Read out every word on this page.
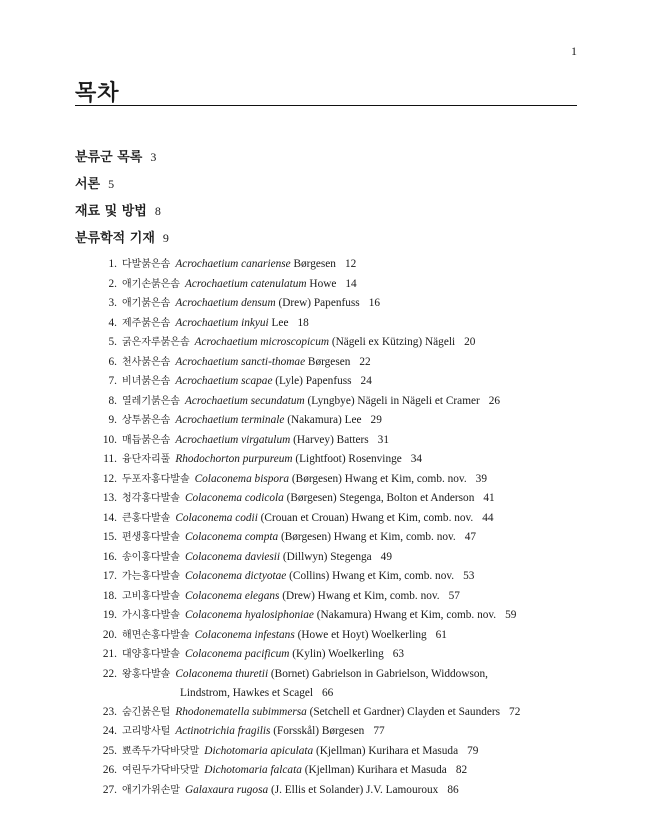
1
목차
분류군 목록 3
서론 5
재료 및 방법 8
분류학적 기재 9
1. 다발붉은솜 Acrochaetium canariense Børgesen 12
2. 애기손붉은솜 Acrochaetium catenulatum Howe 14
3. 애기붉은솜 Acrochaetium densum (Drew) Papenfuss 16
4. 제주붉은솜 Acrochaetium inkyui Lee 18
5. 굵은자루붉은솜 Acrochaetium microscopicum (Nägeli ex Kützing) Nägeli 20
6. 천사붉은솜 Acrochaetium sancti-thomae Børgesen 22
7. 비녀붉은솜 Acrochaetium scapae (Lyle) Papenfuss 24
8. 열레기붉은솜 Acrochaetium secundatum (Lyngbye) Nägeli in Nägeli et Cramer 26
9. 상투붉은솜 Acrochaetium terminale (Nakamura) Lee 29
10. 매듭붉은솜 Acrochaetium virgatulum (Harvey) Batters 31
11. 융단자리풀 Rhodochorton purpureum (Lightfoot) Rosenvinge 34
12. 두포자홍다발솔 Colaconema bispora (Børgesen) Hwang et Kim, comb. nov. 39
13. 청각홍다발솔 Colaconema codicola (Børgesen) Stegenga, Bolton et Anderson 41
14. 큰홍다발솔 Colaconema codii (Crouan et Crouan) Hwang et Kim, comb. nov. 44
15. 편생홍다발솔 Colaconema compta (Børgesen) Hwang et Kim, comb. nov. 47
16. 송이홍다발솔 Colaconema daviesii (Dillwyn) Stegenga 49
17. 가는홍다발솔 Colaconema dictyotae (Collins) Hwang et Kim, comb. nov. 53
18. 고비홍다발솔 Colaconema elegans (Drew) Hwang et Kim, comb. nov. 57
19. 가시홍다발솔 Colaconema hyalosiphoniae (Nakamura) Hwang et Kim, comb. nov. 59
20. 해면손홍다발솔 Colaconema infestans (Howe et Hoyt) Woelkerling 61
21. 대양홍다발솔 Colaconema pacificum (Kylin) Woelkerling 63
22. 왕홍다발솔 Colaconema thuretii (Bornet) Gabrielson in Gabrielson, Widdowson,
Lindstrom, Hawkes et Scagel 66
23. 숨긴붉은털 Rhodonematella subimmersa (Setchell et Gardner) Clayden et Saunders 72
24. 고리방사털 Actinotrichia fragilis (Forsskål) Børgesen 77
25. 뾰족두가닥바닷말 Dichotomaria apiculata (Kjellman) Kurihara et Masuda 79
26. 여린두가닥바닷말 Dichotomaria falcata (Kjellman) Kurihara et Masuda 82
27. 애기가위손말 Galaxaura rugosa (J. Ellis et Solander) J.V. Lamouroux 86
